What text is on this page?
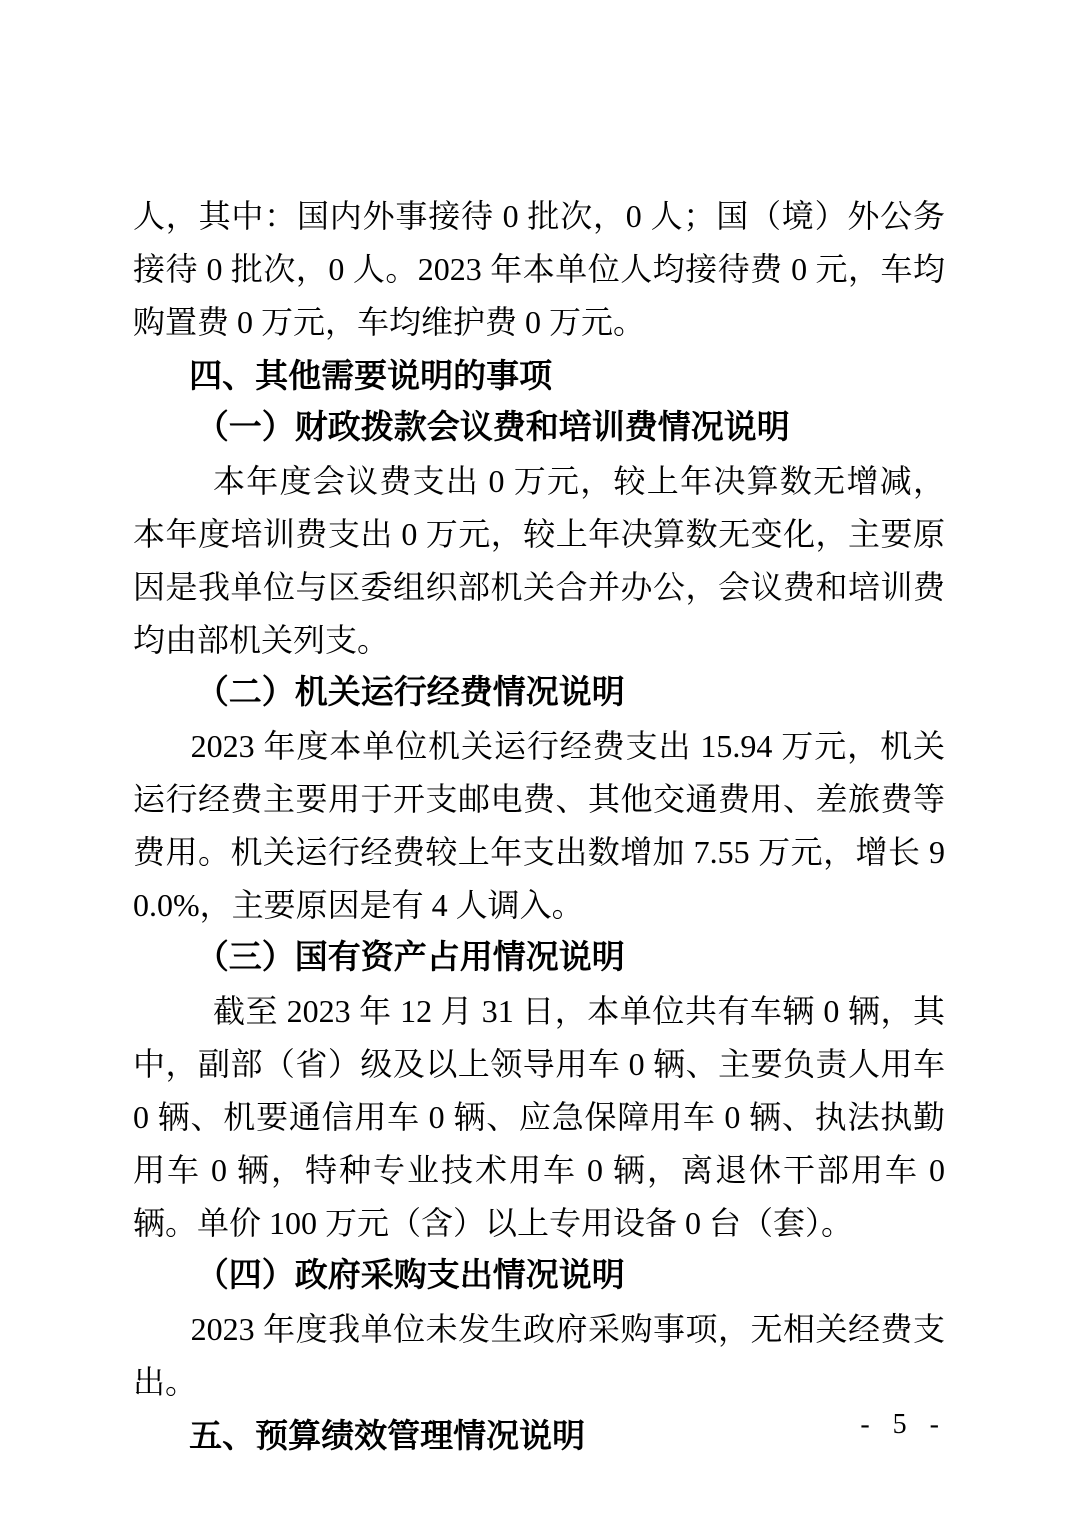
人，其中：国内外事接待 0 批次，0 人；国（境）外公务接待 0 批次，0 人。2023 年本单位人均接待费 0 元，车均购置费 0 万元，车均维护费 0 万元。

四、其他需要说明的事项

（一）财政拨款会议费和培训费情况说明

本年度会议费支出 0 万元，较上年决算数无增减，本年度培训费支出 0 万元，较上年决算数无变化，主要原因是我单位与区委组织部机关合并办公，会议费和培训费均由部机关列支。

（二）机关运行经费情况说明

2023 年度本单位机关运行经费支出 15.94 万元，机关运行经费主要用于开支邮电费、其他交通费用、差旅费等费用。机关运行经费较上年支出数增加 7.55 万元，增长 90.0%，主要原因是有 4 人调入。

（三）国有资产占用情况说明

截至 2023 年 12 月 31 日，本单位共有车辆 0 辆，其中，副部（省）级及以上领导用车 0 辆、主要负责人用车 0 辆、机要通信用车 0 辆、应急保障用车 0 辆、执法执勤用车 0 辆，特种专业技术用车 0 辆，离退休干部用车 0 辆。单价 100 万元（含）以上专用设备 0 台（套）。

（四）政府采购支出情况说明

2023 年度我单位未发生政府采购事项，无相关经费支出。

五、预算绩效管理情况说明	- 5 -
